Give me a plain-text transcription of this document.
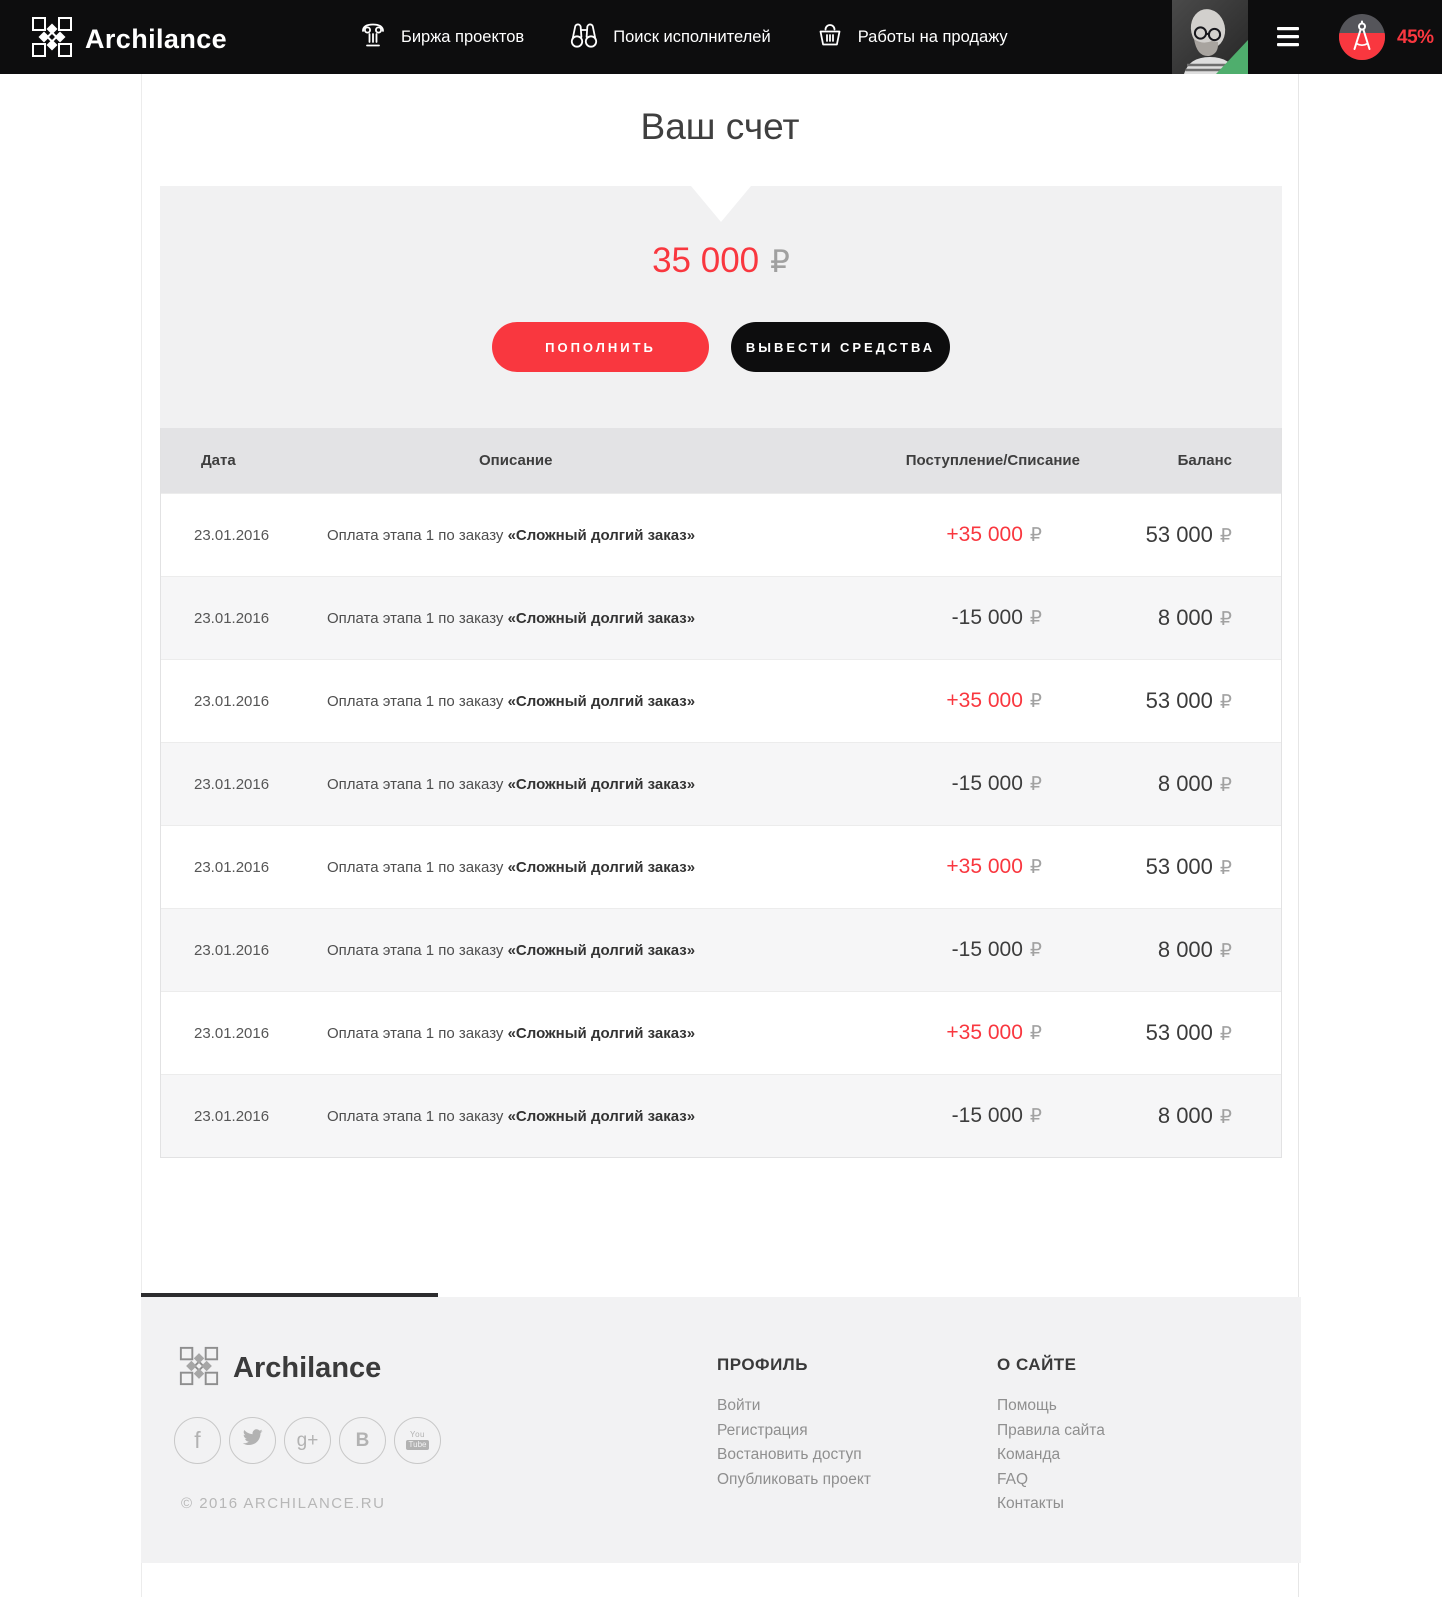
Archilance	Биржа проектов	Поиск исполнителей	Работы на продажу	45%
Ваш счет
35 000 ₽
ПОПОЛНИТЬ	ВЫВЕСТИ СРЕДСТВА
Дата	Описание	Поступление/Списание	Баланс
23.01.2016	Оплата этапа 1 по заказу «Сложный долгий заказ»	+35 000 ₽	53 000 ₽
23.01.2016	Оплата этапа 1 по заказу «Сложный долгий заказ»	-15 000 ₽	8 000 ₽
23.01.2016	Оплата этапа 1 по заказу «Сложный долгий заказ»	+35 000 ₽	53 000 ₽
23.01.2016	Оплата этапа 1 по заказу «Сложный долгий заказ»	-15 000 ₽	8 000 ₽
23.01.2016	Оплата этапа 1 по заказу «Сложный долгий заказ»	+35 000 ₽	53 000 ₽
23.01.2016	Оплата этапа 1 по заказу «Сложный долгий заказ»	-15 000 ₽	8 000 ₽
23.01.2016	Оплата этапа 1 по заказу «Сложный долгий заказ»	+35 000 ₽	53 000 ₽
23.01.2016	Оплата этапа 1 по заказу «Сложный долгий заказ»	-15 000 ₽	8 000 ₽
Archilance
f	g+ В	You
Tube
© 2016 ARCHILANCE.RU
ПРОФИЛЬ
Войти
Регистрация
Востановить доступ
Опубликовать проект
О САЙТЕ
Помощь
Правила сайта
Команда
FAQ
Контакты
